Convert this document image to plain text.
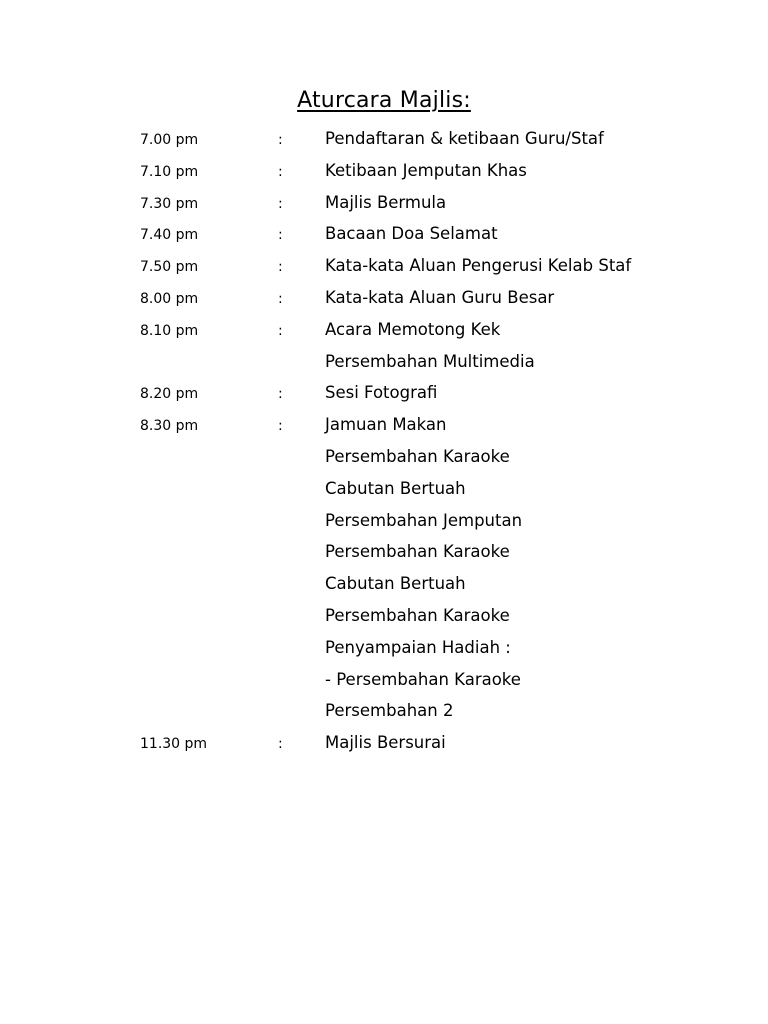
Aturcara Majlis:
7.00 pm	:	Pendaftaran & ketibaan Guru/Staf
7.10 pm	:	Ketibaan Jemputan Khas
7.30 pm	:	Majlis Bermula
7.40 pm	:	Bacaan Doa Selamat
7.50 pm	:	Kata-kata Aluan Pengerusi Kelab Staf
8.00 pm	:	Kata-kata Aluan Guru Besar
8.10 pm	:	Acara Memotong Kek
Persembahan Multimedia
8.20 pm	:	Sesi Fotografi
8.30 pm	:	Jamuan Makan
Persembahan Karaoke
Cabutan Bertuah
Persembahan Jemputan
Persembahan Karaoke
Cabutan Bertuah
Persembahan Karaoke
Penyampaian Hadiah :
- Persembahan Karaoke
Persembahan 2
11.30 pm	:	Majlis Bersurai
